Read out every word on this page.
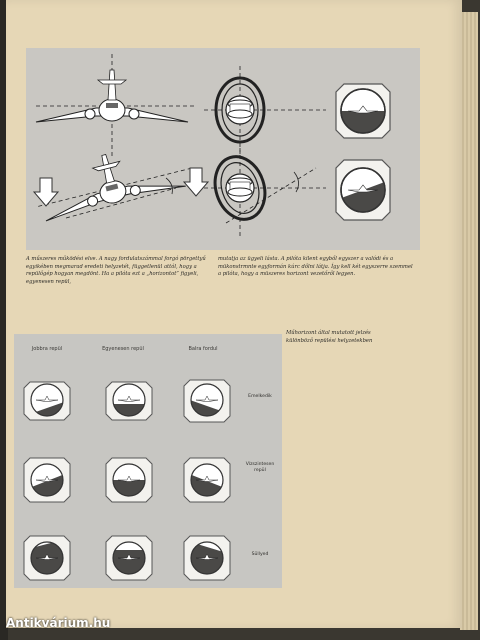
A műszeres működési elve. A nagy fordulatszámmal forgó pörgettyű egyikében megmarad eredeti helyzetét, függetlenül attól, hogy a repülőgép hogyan megdönt. Ha a pilóta ezt a „horizontot” figyeli, egyenesen repül,
mutatja az ügyeli lásta. A pilóta kilent egyből egyszer a valódi és a mükonstrmnte egyformán kúrc dőlni látja. Így kell két egyszerre szemmel a pilóta, hogy a müszeres horizont vezetőről legyen.
Műhorizont által mutatott jelzés különböző repülési helyzetekben
Jobbra repül	Egyenesen repül	Balra fordul
Emelkedik
Vízszintesen repül
Süllyed
Antikvárium.hu
